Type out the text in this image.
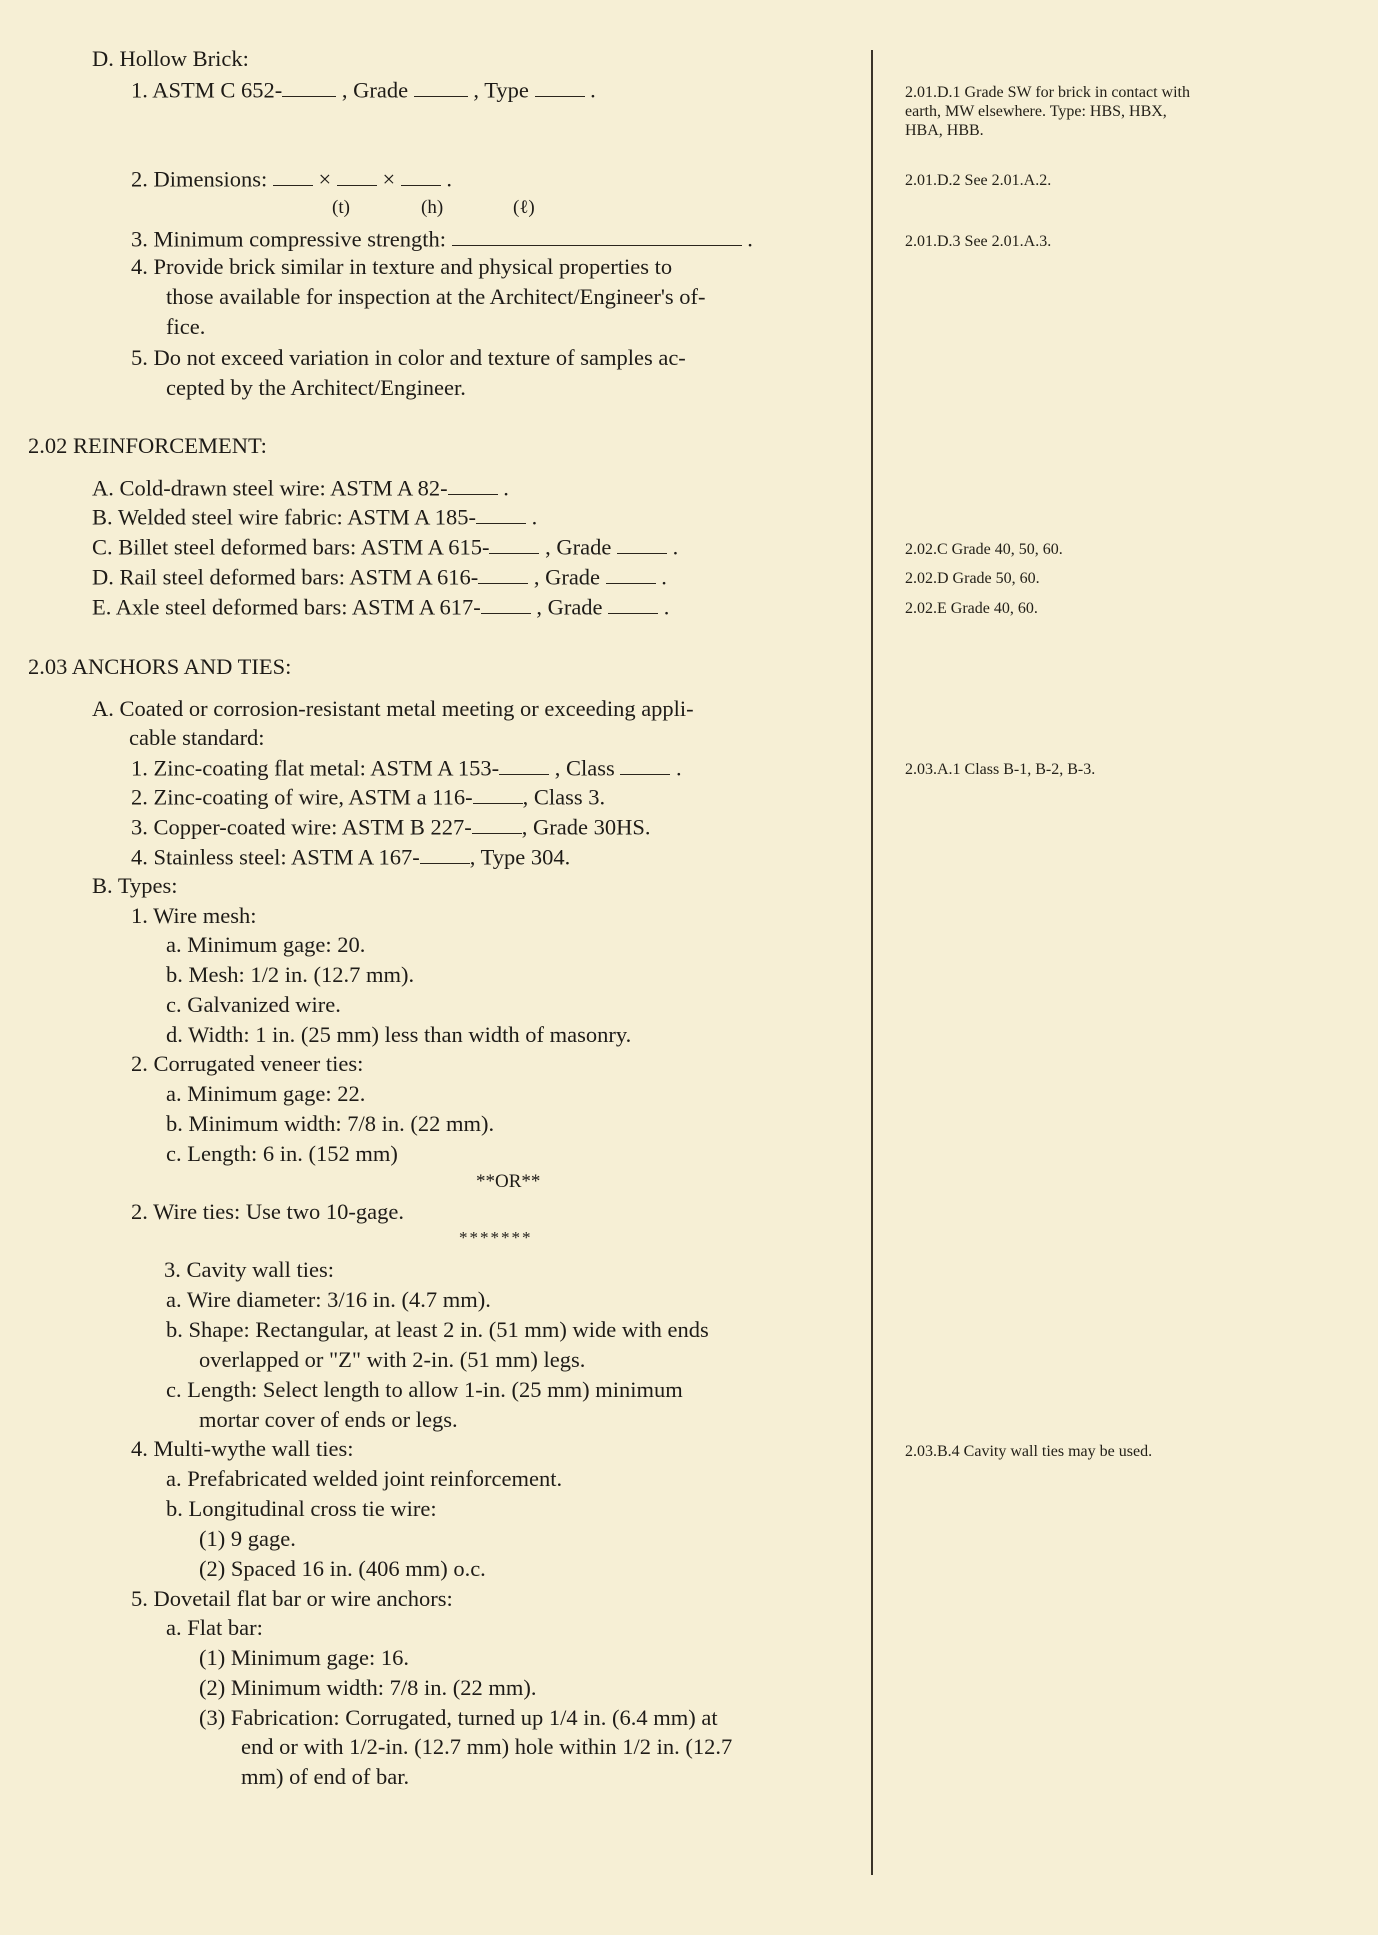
D. Hollow Brick:
1. ASTM C 652-	, Grade	, Type	.
2. Dimensions: × × .
(t)	(h)	(ℓ)
3. Minimum compressive strength:	.
4. Provide brick similar in texture and physical properties to
those available for inspection at the Architect/Engineer's of-
fice.
5. Do not exceed variation in color and texture of samples ac-
cepted by the Architect/Engineer.
2.02 REINFORCEMENT:
A. Cold-drawn steel wire: ASTM A 82- .
B. Welded steel wire fabric: ASTM A 185- .
C. Billet steel deformed bars: ASTM A 615- , Grade	.
D. Rail steel deformed bars: ASTM A 616- , Grade	.
E. Axle steel deformed bars: ASTM A 617- , Grade	.
2.03 ANCHORS AND TIES:
A. Coated or corrosion-resistant metal meeting or exceeding appli-
cable standard:
1. Zinc-coating flat metal: ASTM A 153- , Class	.
2. Zinc-coating of wire, ASTM a 116- , Class 3.
3. Copper-coated wire: ASTM B 227- , Grade 30HS.
4. Stainless steel: ASTM A 167- , Type 304.
B. Types:
1. Wire mesh:
a. Minimum gage: 20.
b. Mesh: 1/2 in. (12.7 mm).
c. Galvanized wire.
d. Width: 1 in. (25 mm) less than width of masonry.
2. Corrugated veneer ties:
a. Minimum gage: 22.
b. Minimum width: 7/8 in. (22 mm).
c. Length: 6 in. (152 mm)
**OR**
2. Wire ties: Use two 10-gage.
*******
3. Cavity wall ties:
a. Wire diameter: 3/16 in. (4.7 mm).
b. Shape: Rectangular, at least 2 in. (51 mm) wide with ends
overlapped or "Z" with 2-in. (51 mm) legs.
c. Length: Select length to allow 1-in. (25 mm) minimum
mortar cover of ends or legs.
4. Multi-wythe wall ties:
a. Prefabricated welded joint reinforcement.
b. Longitudinal cross tie wire:
(1) 9 gage.
(2) Spaced 16 in. (406 mm) o.c.
5. Dovetail flat bar or wire anchors:
a. Flat bar:
(1) Minimum gage: 16.
(2) Minimum width: 7/8 in. (22 mm).
(3) Fabrication: Corrugated, turned up 1/4 in. (6.4 mm) at
end or with 1/2-in. (12.7 mm) hole within 1/2 in. (12.7
mm) of end of bar.
2.01.D.1 Grade SW for brick in contact with
earth, MW elsewhere. Type: HBS, HBX,
HBA, HBB.
2.01.D.2 See 2.01.A.2.
2.01.D.3 See 2.01.A.3.
2.02.C Grade 40, 50, 60.
2.02.D Grade 50, 60.
2.02.E Grade 40, 60.
2.03.A.1 Class B-1, B-2, B-3.
2.03.B.4 Cavity wall ties may be used.
